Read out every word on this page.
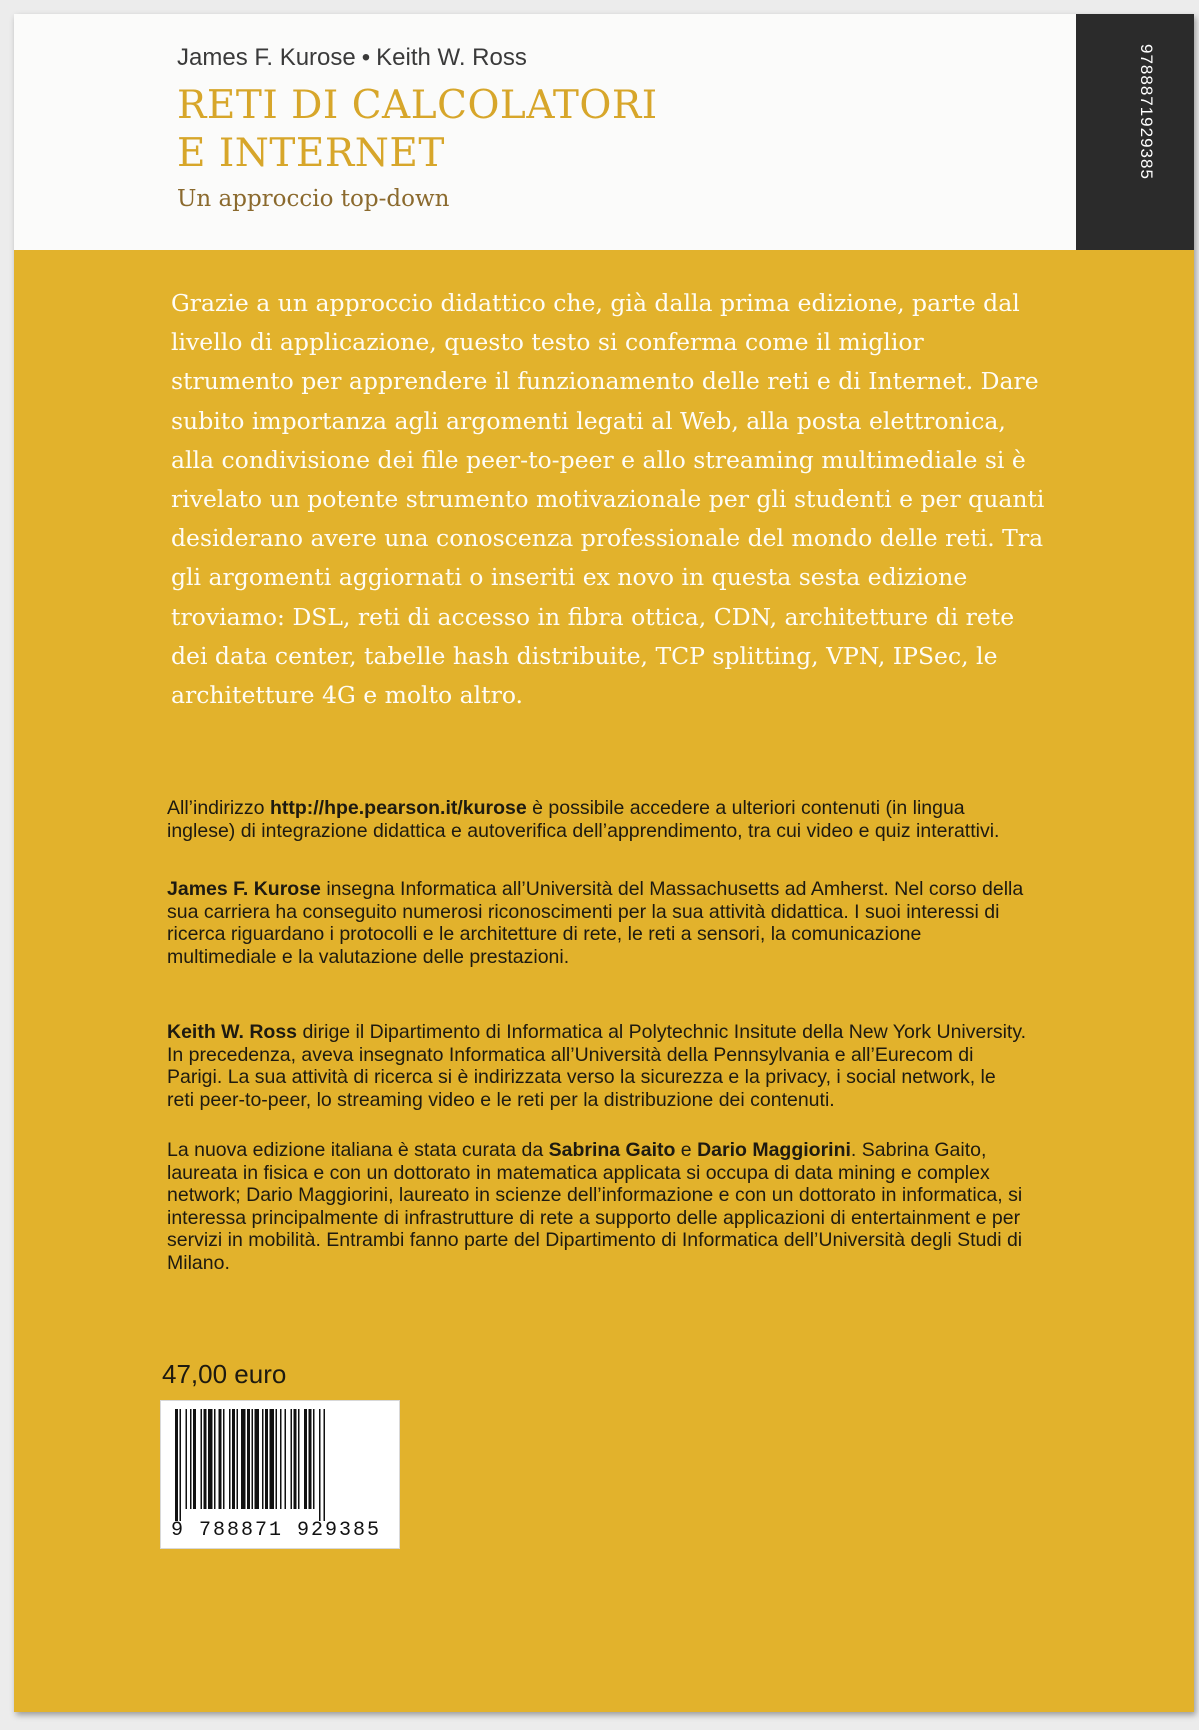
James F. Kurose • Keith W. Ross
RETI DI CALCOLATORI
E INTERNET
Un approccio top-down
9788871929385

Grazie a un approccio didattico che, già dalla prima edizione, parte dal livello di applicazione, questo testo si conferma come il miglior strumento per apprendere il funzionamento delle reti e di Internet. Dare subito importanza agli argomenti legati al Web, alla posta elettronica, alla condivisione dei file peer-to-peer e allo streaming multimediale si è rivelato un potente strumento motivazionale per gli studenti e per quanti desiderano avere una conoscenza professionale del mondo delle reti. Tra gli argomenti aggiornati o inseriti ex novo in questa sesta edizione troviamo: DSL, reti di accesso in fibra ottica, CDN, architetture di rete dei data center, tabelle hash distribuite, TCP splitting, VPN, IPSec, le architetture 4G e molto altro.

All’indirizzo http://hpe.pearson.it/kurose è possibile accedere a ulteriori contenuti (in lingua inglese) di integrazione didattica e autoverifica dell’apprendimento, tra cui video e quiz interattivi.

James F. Kurose insegna Informatica all’Università del Massachusetts ad Amherst. Nel corso della sua carriera ha conseguito numerosi riconoscimenti per la sua attività didattica. I suoi interessi di ricerca riguardano i protocolli e le architetture di rete, le reti a sensori, la comunicazione multimediale e la valutazione delle prestazioni.

Keith W. Ross dirige il Dipartimento di Informatica al Polytechnic Insitute della New York University. In precedenza, aveva insegnato Informatica all’Università della Pennsylvania e all’Eurecom di Parigi. La sua attività di ricerca si è indirizzata verso la sicurezza e la privacy, i social network, le reti peer-to-peer, lo streaming video e le reti per la distribuzione dei contenuti.

La nuova edizione italiana è stata curata da Sabrina Gaito e Dario Maggiorini. Sabrina Gaito, laureata in fisica e con un dottorato in matematica applicata si occupa di data mining e complex network; Dario Maggiorini, laureato in scienze dell’informazione e con un dottorato in informatica, si interessa principalmente di infrastrutture di rete a supporto delle applicazioni di entertainment e per servizi in mobilità. Entrambi fanno parte del Dipartimento di Informatica dell’Università degli Studi di Milano.

47,00 euro
9 788871 929385
